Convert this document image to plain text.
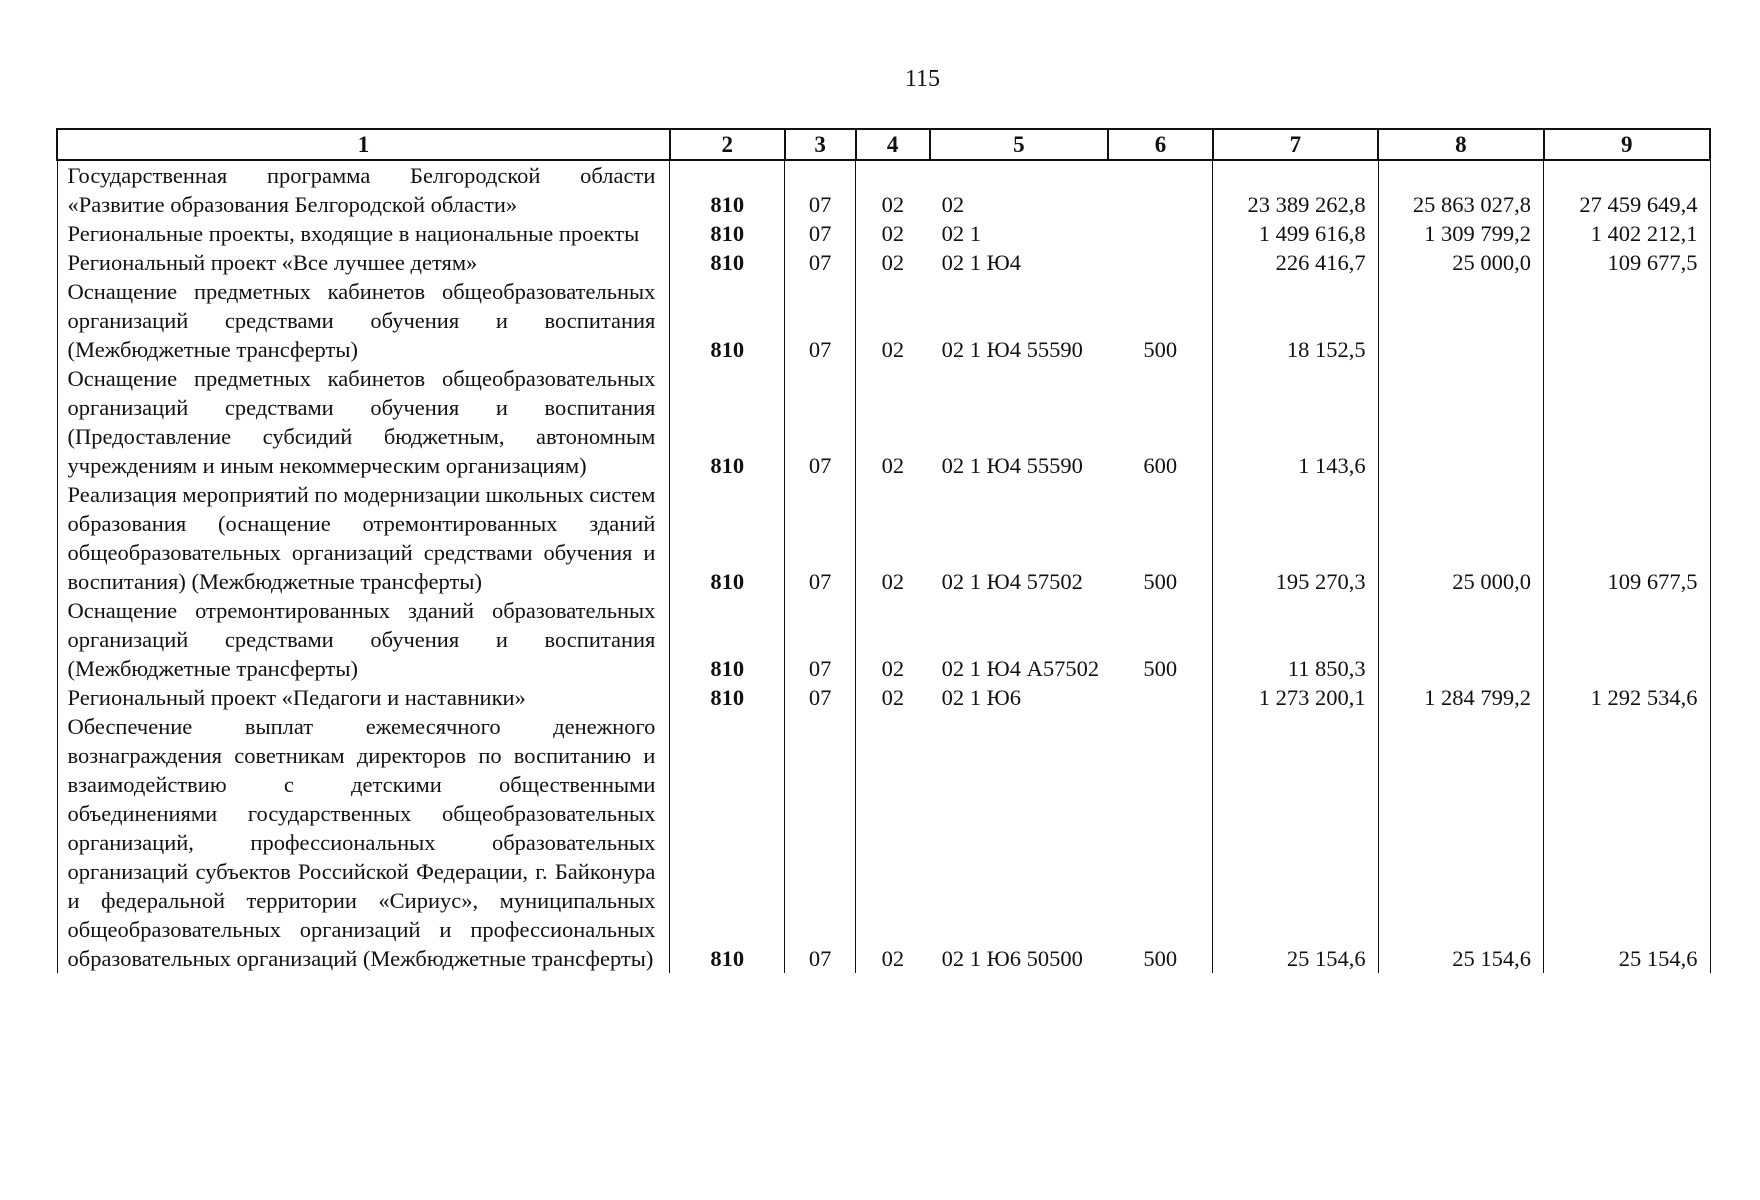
115
1	2	3	4	5	6	7	8	9
Государственная программа Белгородской области «Развитие образования Белгородской области»	810	07	02	02		23 389 262,8	25 863 027,8	27 459 649,4
Региональные проекты, входящие в национальные проекты	810	07	02	02 1		1 499 616,8	1 309 799,2	1 402 212,1
Региональный проект «Все лучшее детям»	810	07	02	02 1 Ю4		226 416,7	25 000,0	109 677,5
Оснащение предметных кабинетов общеобразовательных организаций средствами обучения и воспитания (Межбюджетные трансферты)	810	07	02	02 1 Ю4 55590	500	18 152,5		
Оснащение предметных кабинетов общеобразовательных организаций средствами обучения и воспитания (Предоставление субсидий бюджетным, автономным учреждениям и иным некоммерческим организациям)	810	07	02	02 1 Ю4 55590	600	1 143,6		
Реализация мероприятий по модернизации школьных систем образования (оснащение отремонтированных зданий общеобразовательных организаций средствами обучения и воспитания) (Межбюджетные трансферты)	810	07	02	02 1 Ю4 57502	500	195 270,3	25 000,0	109 677,5
Оснащение отремонтированных зданий образовательных организаций средствами обучения и воспитания (Межбюджетные трансферты)	810	07	02	02 1 Ю4 А57502	500	11 850,3		
Региональный проект «Педагоги и наставники»	810	07	02	02 1 Ю6		1 273 200,1	1 284 799,2	1 292 534,6
Обеспечение выплат ежемесячного денежного вознаграждения советникам директоров по воспитанию и взаимодействию с детскими общественными объединениями государственных общеобразовательных организаций, профессиональных образовательных организаций субъектов Российской Федерации, г. Байконура и федеральной территории «Сириус», муниципальных общеобразовательных организаций и профессиональных образовательных организаций (Межбюджетные трансферты)	810	07	02	02 1 Ю6 50500	500	25 154,6	25 154,6	25 154,6
